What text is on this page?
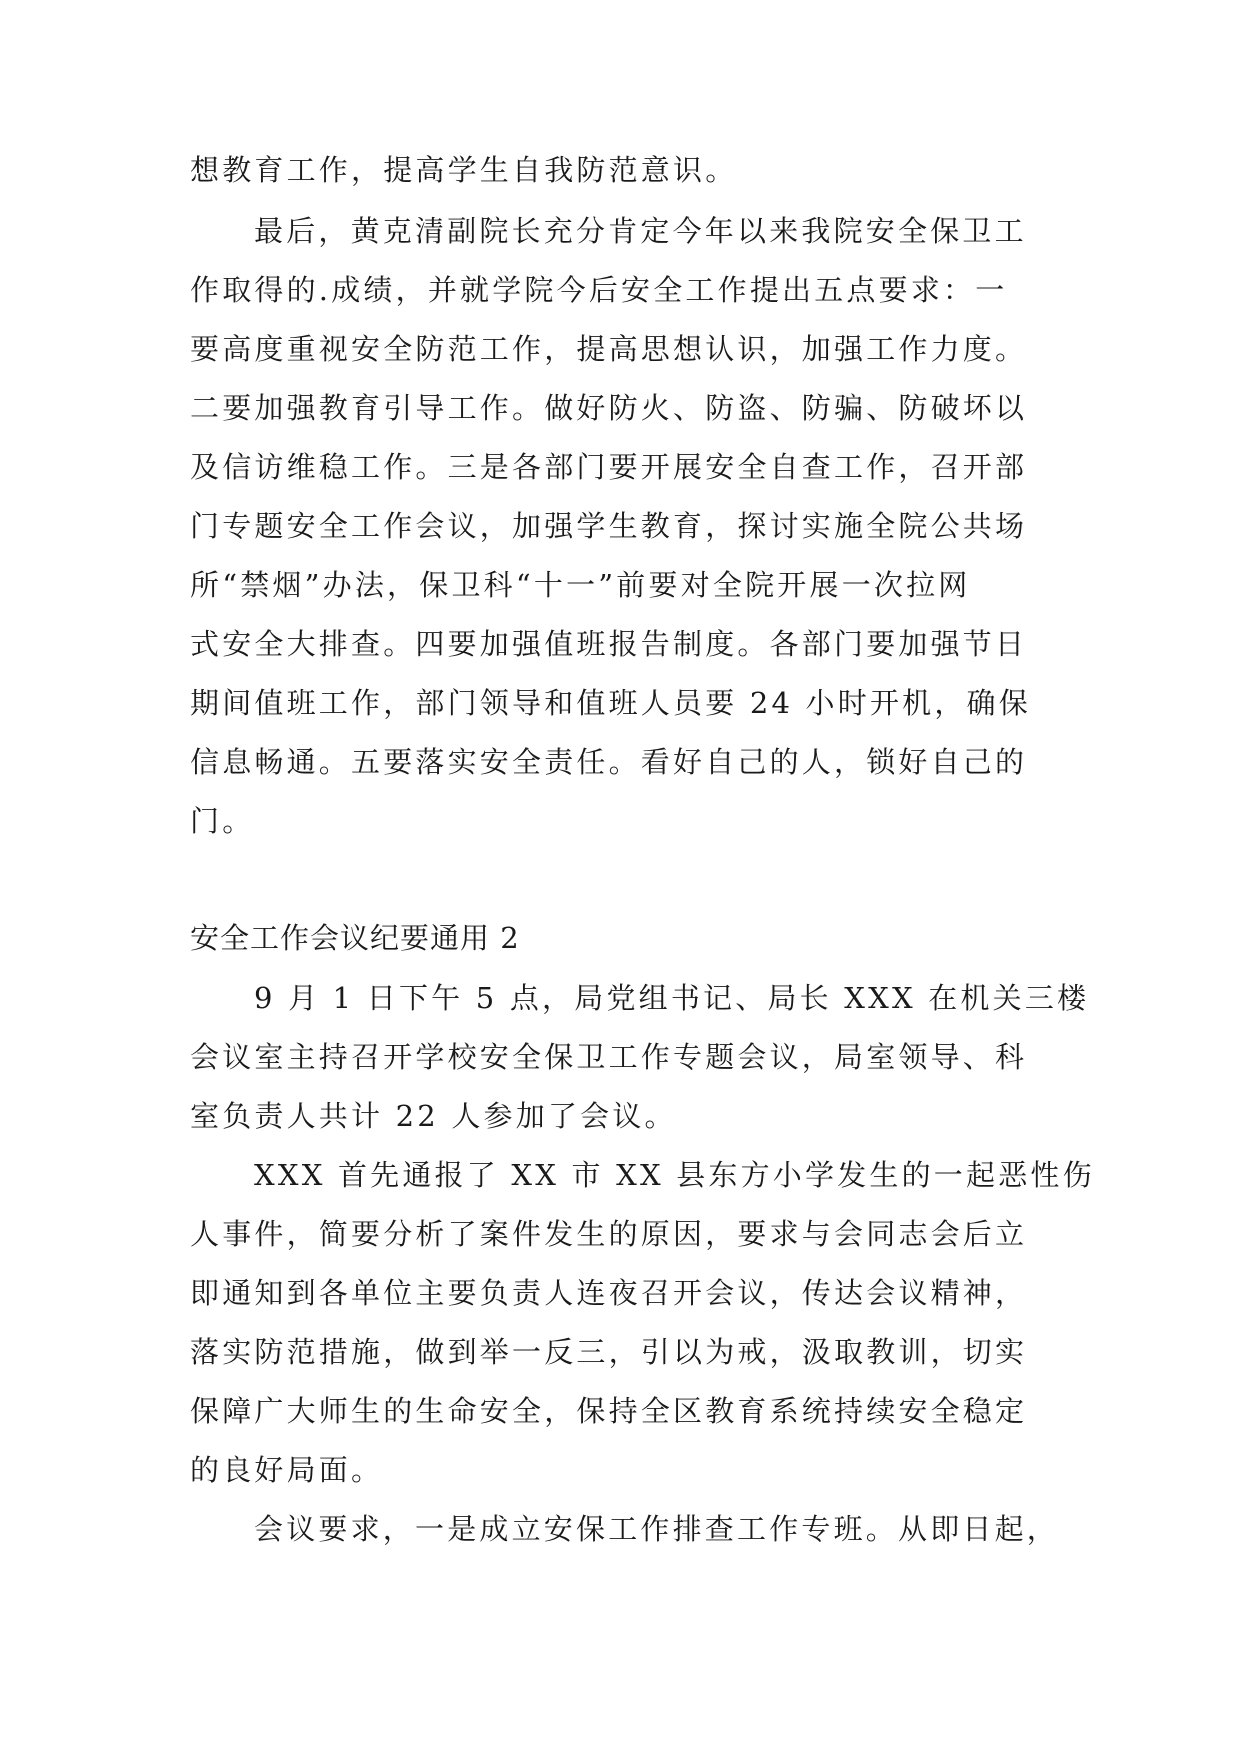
想教育工作，提高学生自我防范意识。

最后，黄克清副院长充分肯定今年以来我院安全保卫工

作取得的.成绩，并就学院今后安全工作提出五点要求：一

要高度重视安全防范工作，提高思想认识，加强工作力度。

二要加强教育引导工作。做好防火、防盗、防骗、防破坏以

及信访维稳工作。三是各部门要开展安全自查工作，召开部

门专题安全工作会议，加强学生教育，探讨实施全院公共场

所“禁烟”办法，保卫科“十一”前要对全院开展一次拉网

式安全大排查。四要加强值班报告制度。各部门要加强节日

期间值班工作，部门领导和值班人员要 24 小时开机，确保

信息畅通。五要落实安全责任。看好自己的人，锁好自己的

门。

安全工作会议纪要通用 2

9 月 1 日下午 5 点，局党组书记、局长 XXX 在机关三楼

会议室主持召开学校安全保卫工作专题会议，局室领导、科

室负责人共计 22 人参加了会议。

XXX 首先通报了 XX 市 XX 县东方小学发生的一起恶性伤

人事件，简要分析了案件发生的原因，要求与会同志会后立

即通知到各单位主要负责人连夜召开会议，传达会议精神，

落实防范措施，做到举一反三，引以为戒，汲取教训，切实

保障广大师生的生命安全，保持全区教育系统持续安全稳定

的良好局面。

会议要求，一是成立安保工作排查工作专班。从即日起，
